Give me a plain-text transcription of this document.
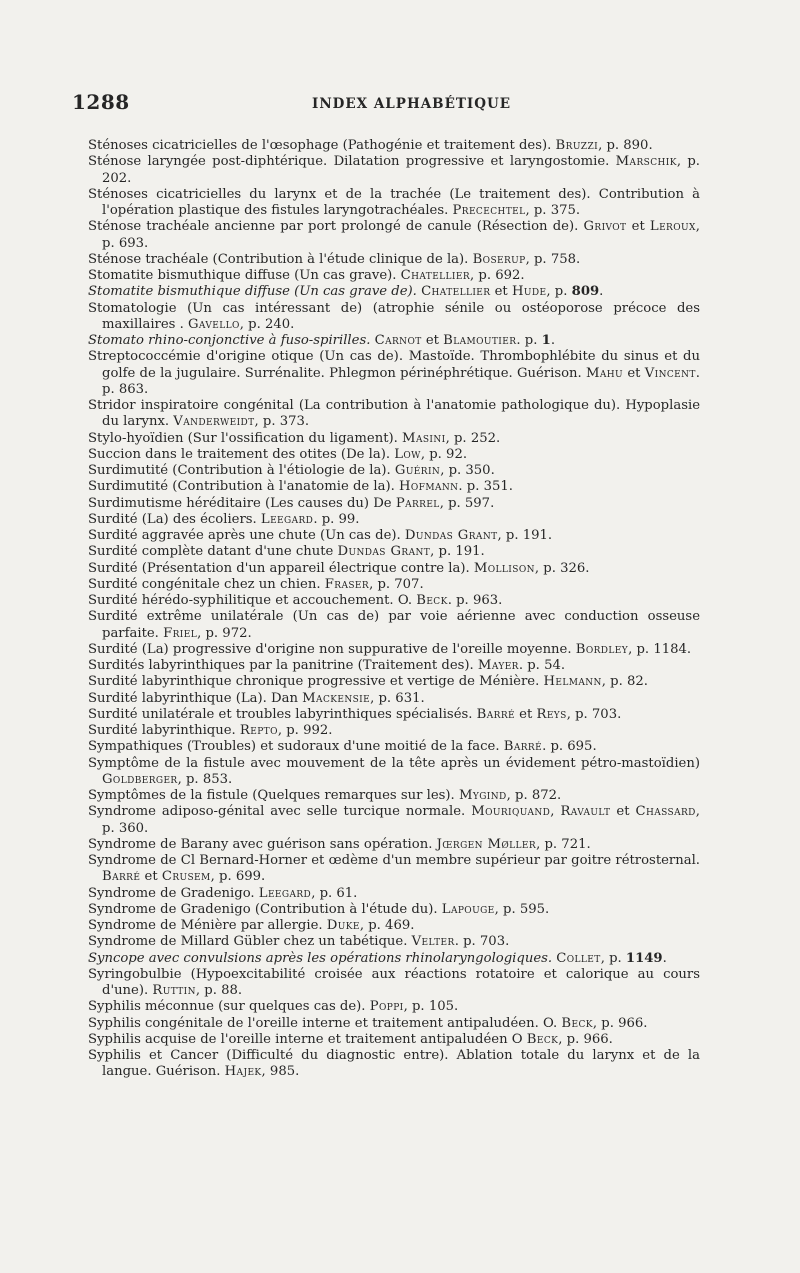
1288	INDEX ALPHABÉTIQUE

Sténoses cicatricielles de l'œsophage (Pathogénie et traitement des). Bruzzi, p. 890.

Sténose laryngée post-diphtérique. Dilatation progressive et laryngostomie. Marschik, p. 202.

Sténoses cicatricielles du larynx et de la trachée (Le traitement des). Contribution à l'opération plastique des fistules laryngotrachéales. Precechtel, p. 375.

Sténose trachéale ancienne par port prolongé de canule (Résection de). Grivot et Leroux, p. 693.

Sténose trachéale (Contribution à l'étude clinique de la). Boserup, p. 758.

Stomatite bismuthique diffuse (Un cas grave). Chatellier, p. 692.

Stomatite bismuthique diffuse (Un cas grave de). Chatellier et Hude, p. 809.

Stomatologie (Un cas intéressant de) (atrophie sénile ou ostéoporose précoce des maxillaires . Gavello, p. 240.

Stomato rhino-conjonctive à fuso-spirilles. Carnot et Blamoutier. p. 1.

Streptococcémie d'origine otique (Un cas de). Mastoïde. Thrombophlébite du sinus et du golfe de la jugulaire. Surrénalite. Phlegmon périnéphrétique. Guérison. Mahu et Vincent. p. 863.

Stridor inspiratoire congénital (La contribution à l'anatomie pathologique du). Hypoplasie du larynx. Vanderweidt, p. 373.

Stylo-hyoïdien (Sur l'ossification du ligament). Masini, p. 252.

Succion dans le traitement des otites (De la). Low, p. 92.

Surdimutité (Contribution à l'étiologie de la). Guérin, p. 350.

Surdimutité (Contribution à l'anatomie de la). Hofmann. p. 351.

Surdimutisme héréditaire (Les causes du) De Parrel, p. 597.

Surdité (La) des écoliers. Leegard. p. 99.

Surdité aggravée après une chute (Un cas de). Dundas Grant, p. 191.

Surdité complète datant d'une chute Dundas Grant, p. 191.

Surdité (Présentation d'un appareil électrique contre la). Mollison, p. 326.

Surdité congénitale chez un chien. Fraser, p. 707.

Surdité hérédo-syphilitique et accouchement. O. Beck. p. 963.

Surdité extrême unilatérale (Un cas de) par voie aérienne avec conduction osseuse parfaite. Friel, p. 972.

Surdité (La) progressive d'origine non suppurative de l'oreille moyenne. Bordley, p. 1184.

Surdités labyrinthiques par la panitrine (Traitement des). Mayer. p. 54.

Surdité labyrinthique chronique progressive et vertige de Ménière. Helmann, p. 82.

Surdité labyrinthique (La). Dan Mackensie, p. 631.

Surdité unilatérale et troubles labyrinthiques spécialisés. Barré et Reys, p. 703.

Surdité labyrinthique. Repto, p. 992.

Sympathiques (Troubles) et sudoraux d'une moitié de la face. Barré. p. 695.

Symptôme de la fistule avec mouvement de la tête après un évidement pétro-mastoïdien) Goldberger, p. 853.

Symptômes de la fistule (Quelques remarques sur les). Mygind, p. 872.

Syndrome adiposo-génital avec selle turcique normale. Mouriquand, Ravault et Chassard, p. 360.

Syndrome de Barany avec guérison sans opération. Jœrgen Møller, p. 721.

Syndrome de Cl Bernard-Horner et œdème d'un membre supérieur par goitre rétrosternal. Barré et Crusem, p. 699.

Syndrome de Gradenigo. Leegard, p. 61.

Syndrome de Gradenigo (Contribution à l'étude du). Lapouge, p. 595.

Syndrome de Ménière par allergie. Duke, p. 469.

Syndrome de Millard Gübler chez un tabétique. Velter. p. 703.

Syncope avec convulsions après les opérations rhinolaryngologiques. Collet, p. 1149.

Syringobulbie (Hypoexcitabilité croisée aux réactions rotatoire et calorique au cours d'une). Ruttin, p. 88.

Syphilis méconnue (sur quelques cas de). Poppi, p. 105.

Syphilis congénitale de l'oreille interne et traitement antipaludéen. O. Beck, p. 966.

Syphilis acquise de l'oreille interne et traitement antipaludéen O Beck, p. 966.

Syphilis et Cancer (Difficulté du diagnostic entre). Ablation totale du larynx et de la langue. Guérison. Hajek, 985.
